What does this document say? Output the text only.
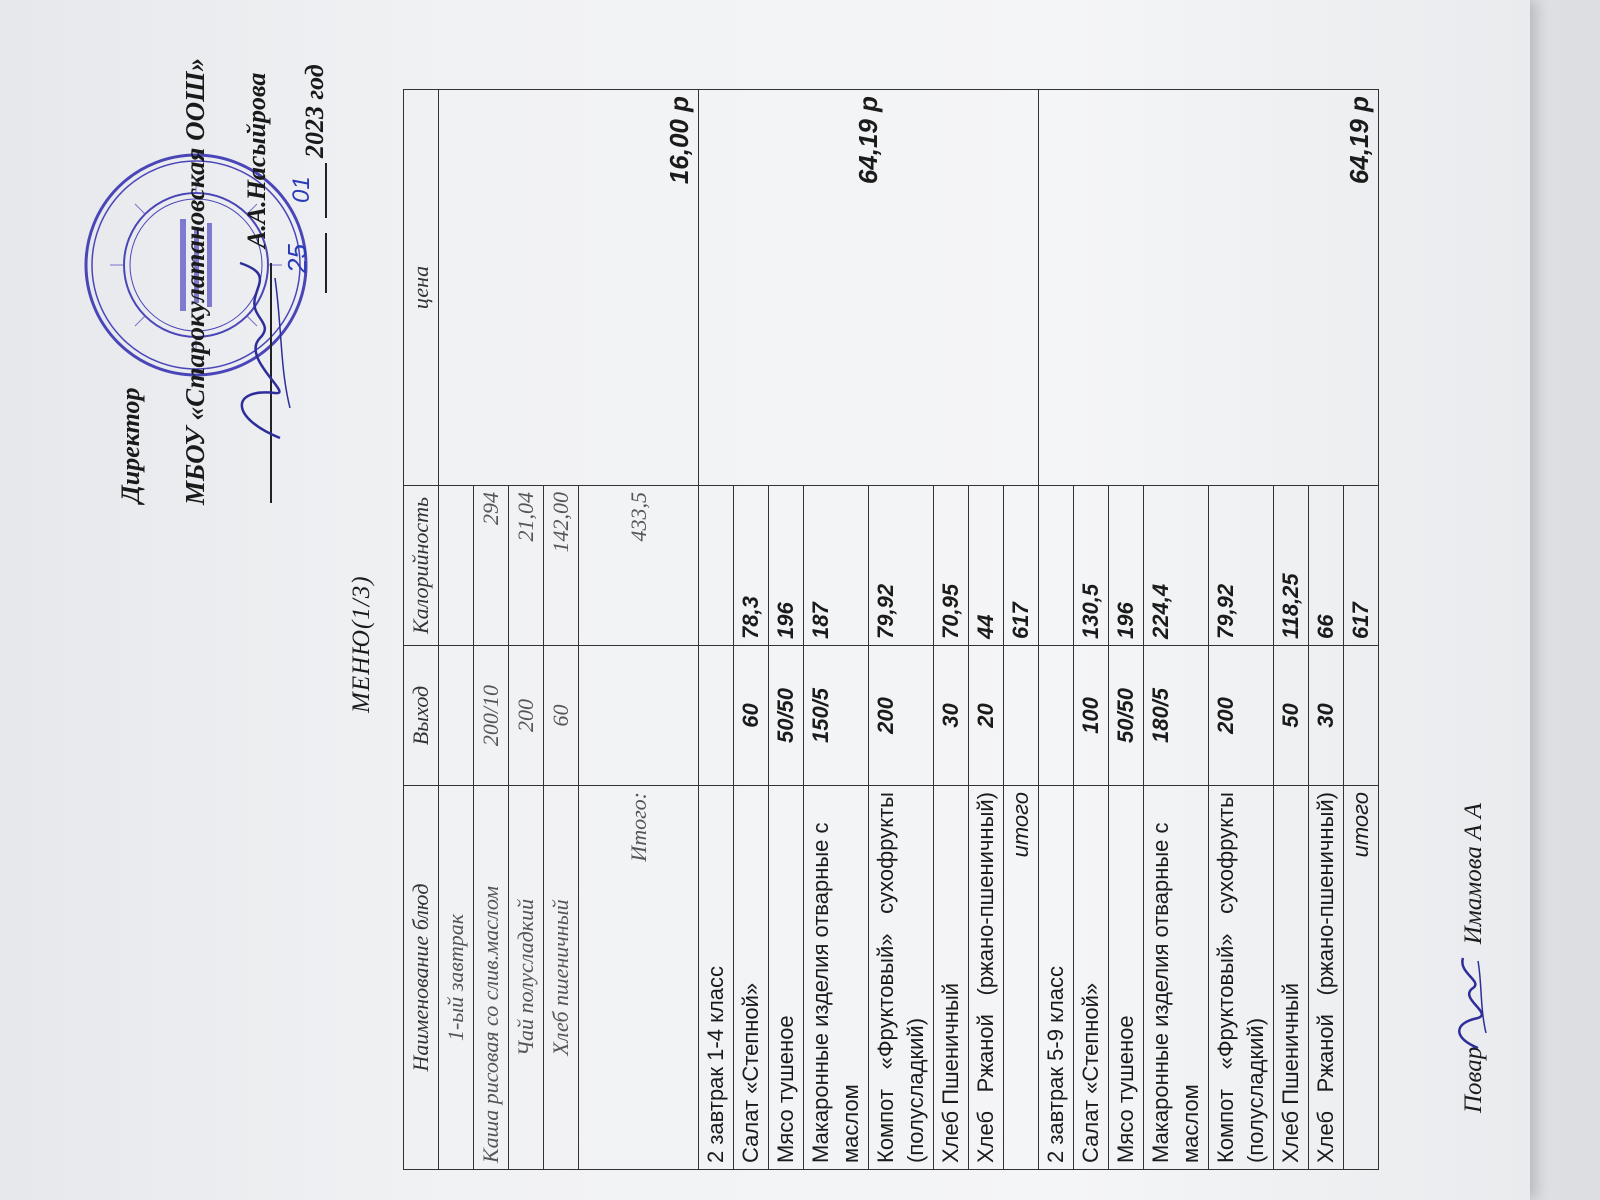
Директор МБОУ «Старокулатановская ООШ» А.А.Насыйрова
25
01
2023 год
МЕНЮ(1/3)
Наименование блюд	Выход	Калорийность	цена
1-ый завтрак			16,00 р
Каша рисовая со слив.маслом	200/10	294	
Чай полусладкий	200	21,04	
Хлеб пшеничный	60	142,00	
Итого:		433,5	
2 завтрак 1-4 класс			64,19 р
Салат «Степной»	60	78,3	
Мясо тушеное	50/50	196	
Макаронные изделия отварные с маслом	150/5	187	
Компот «Фруктовый» сухофрукты (полусладкий)	200	79,92	
Хлеб Пшеничный	30	70,95	
Хлеб Ржаной (ржано-пшеничный)	20	44	
итого		617	
2 завтрак 5-9 класс			64,19 р
Салат «Степной»	100	130,5	
Мясо тушеное	50/50	196	
Макаронные изделия отварные с маслом	180/5	224,4	
Компот «Фруктовый» сухофрукты (полусладкий)	200	79,92	
Хлеб Пшеничный	50	118,25	
Хлеб Ржаной (ржано-пшеничный)	30	66	
итого		617	
Повар  Имамова А А
